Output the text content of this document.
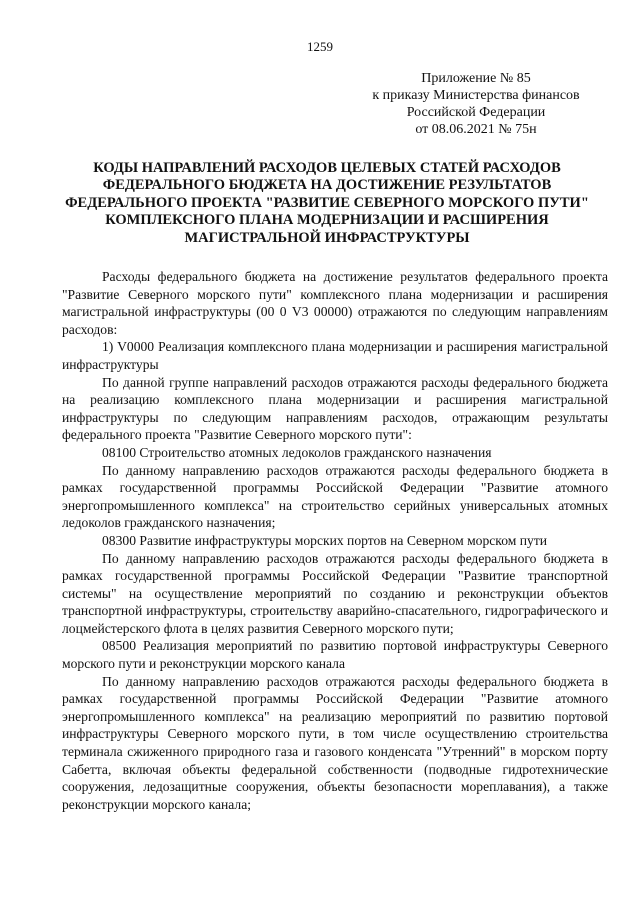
1259
Приложение № 85
к приказу Министерства финансов
Российской Федерации
от 08.06.2021 № 75н
КОДЫ НАПРАВЛЕНИЙ РАСХОДОВ ЦЕЛЕВЫХ СТАТЕЙ РАСХОДОВ ФЕДЕРАЛЬНОГО БЮДЖЕТА НА ДОСТИЖЕНИЕ РЕЗУЛЬТАТОВ ФЕДЕРАЛЬНОГО ПРОЕКТА "РАЗВИТИЕ СЕВЕРНОГО МОРСКОГО ПУТИ" КОМПЛЕКСНОГО ПЛАНА МОДЕРНИЗАЦИИ И РАСШИРЕНИЯ МАГИСТРАЛЬНОЙ ИНФРАСТРУКТУРЫ

Расходы федерального бюджета на достижение результатов федерального проекта "Развитие Северного морского пути" комплексного плана модернизации и расширения магистральной инфраструктуры (00 0 V3 00000) отражаются по следующим направлениям расходов:

1) V0000 Реализация комплексного плана модернизации и расширения магистральной инфраструктуры

По данной группе направлений расходов отражаются расходы федерального бюджета на реализацию комплексного плана модернизации и расширения магистральной инфраструктуры по следующим направлениям расходов, отражающим результаты федерального проекта "Развитие Северного морского пути":

08100 Строительство атомных ледоколов гражданского назначения

По данному направлению расходов отражаются расходы федерального бюджета в рамках государственной программы Российской Федерации "Развитие атомного энергопромышленного комплекса" на строительство серийных универсальных атомных ледоколов гражданского назначения;

08300 Развитие инфраструктуры морских портов на Северном морском пути

По данному направлению расходов отражаются расходы федерального бюджета в рамках государственной программы Российской Федерации "Развитие транспортной системы" на осуществление мероприятий по созданию и реконструкции объектов транспортной инфраструктуры, строительству аварийно-спасательного, гидрографического и лоцмейстерского флота в целях развития Северного морского пути;

08500 Реализация мероприятий по развитию портовой инфраструктуры Северного морского пути и реконструкции морского канала

По данному направлению расходов отражаются расходы федерального бюджета в рамках государственной программы Российской Федерации "Развитие атомного энергопромышленного комплекса" на реализацию мероприятий по развитию портовой инфраструктуры Северного морского пути, в том числе осуществлению строительства терминала сжиженного природного газа и газового конденсата "Утренний" в морском порту Сабетта, включая объекты федеральной собственности (подводные гидротехнические сооружения, ледозащитные сооружения, объекты безопасности мореплавания), а также реконструкции морского канала;
